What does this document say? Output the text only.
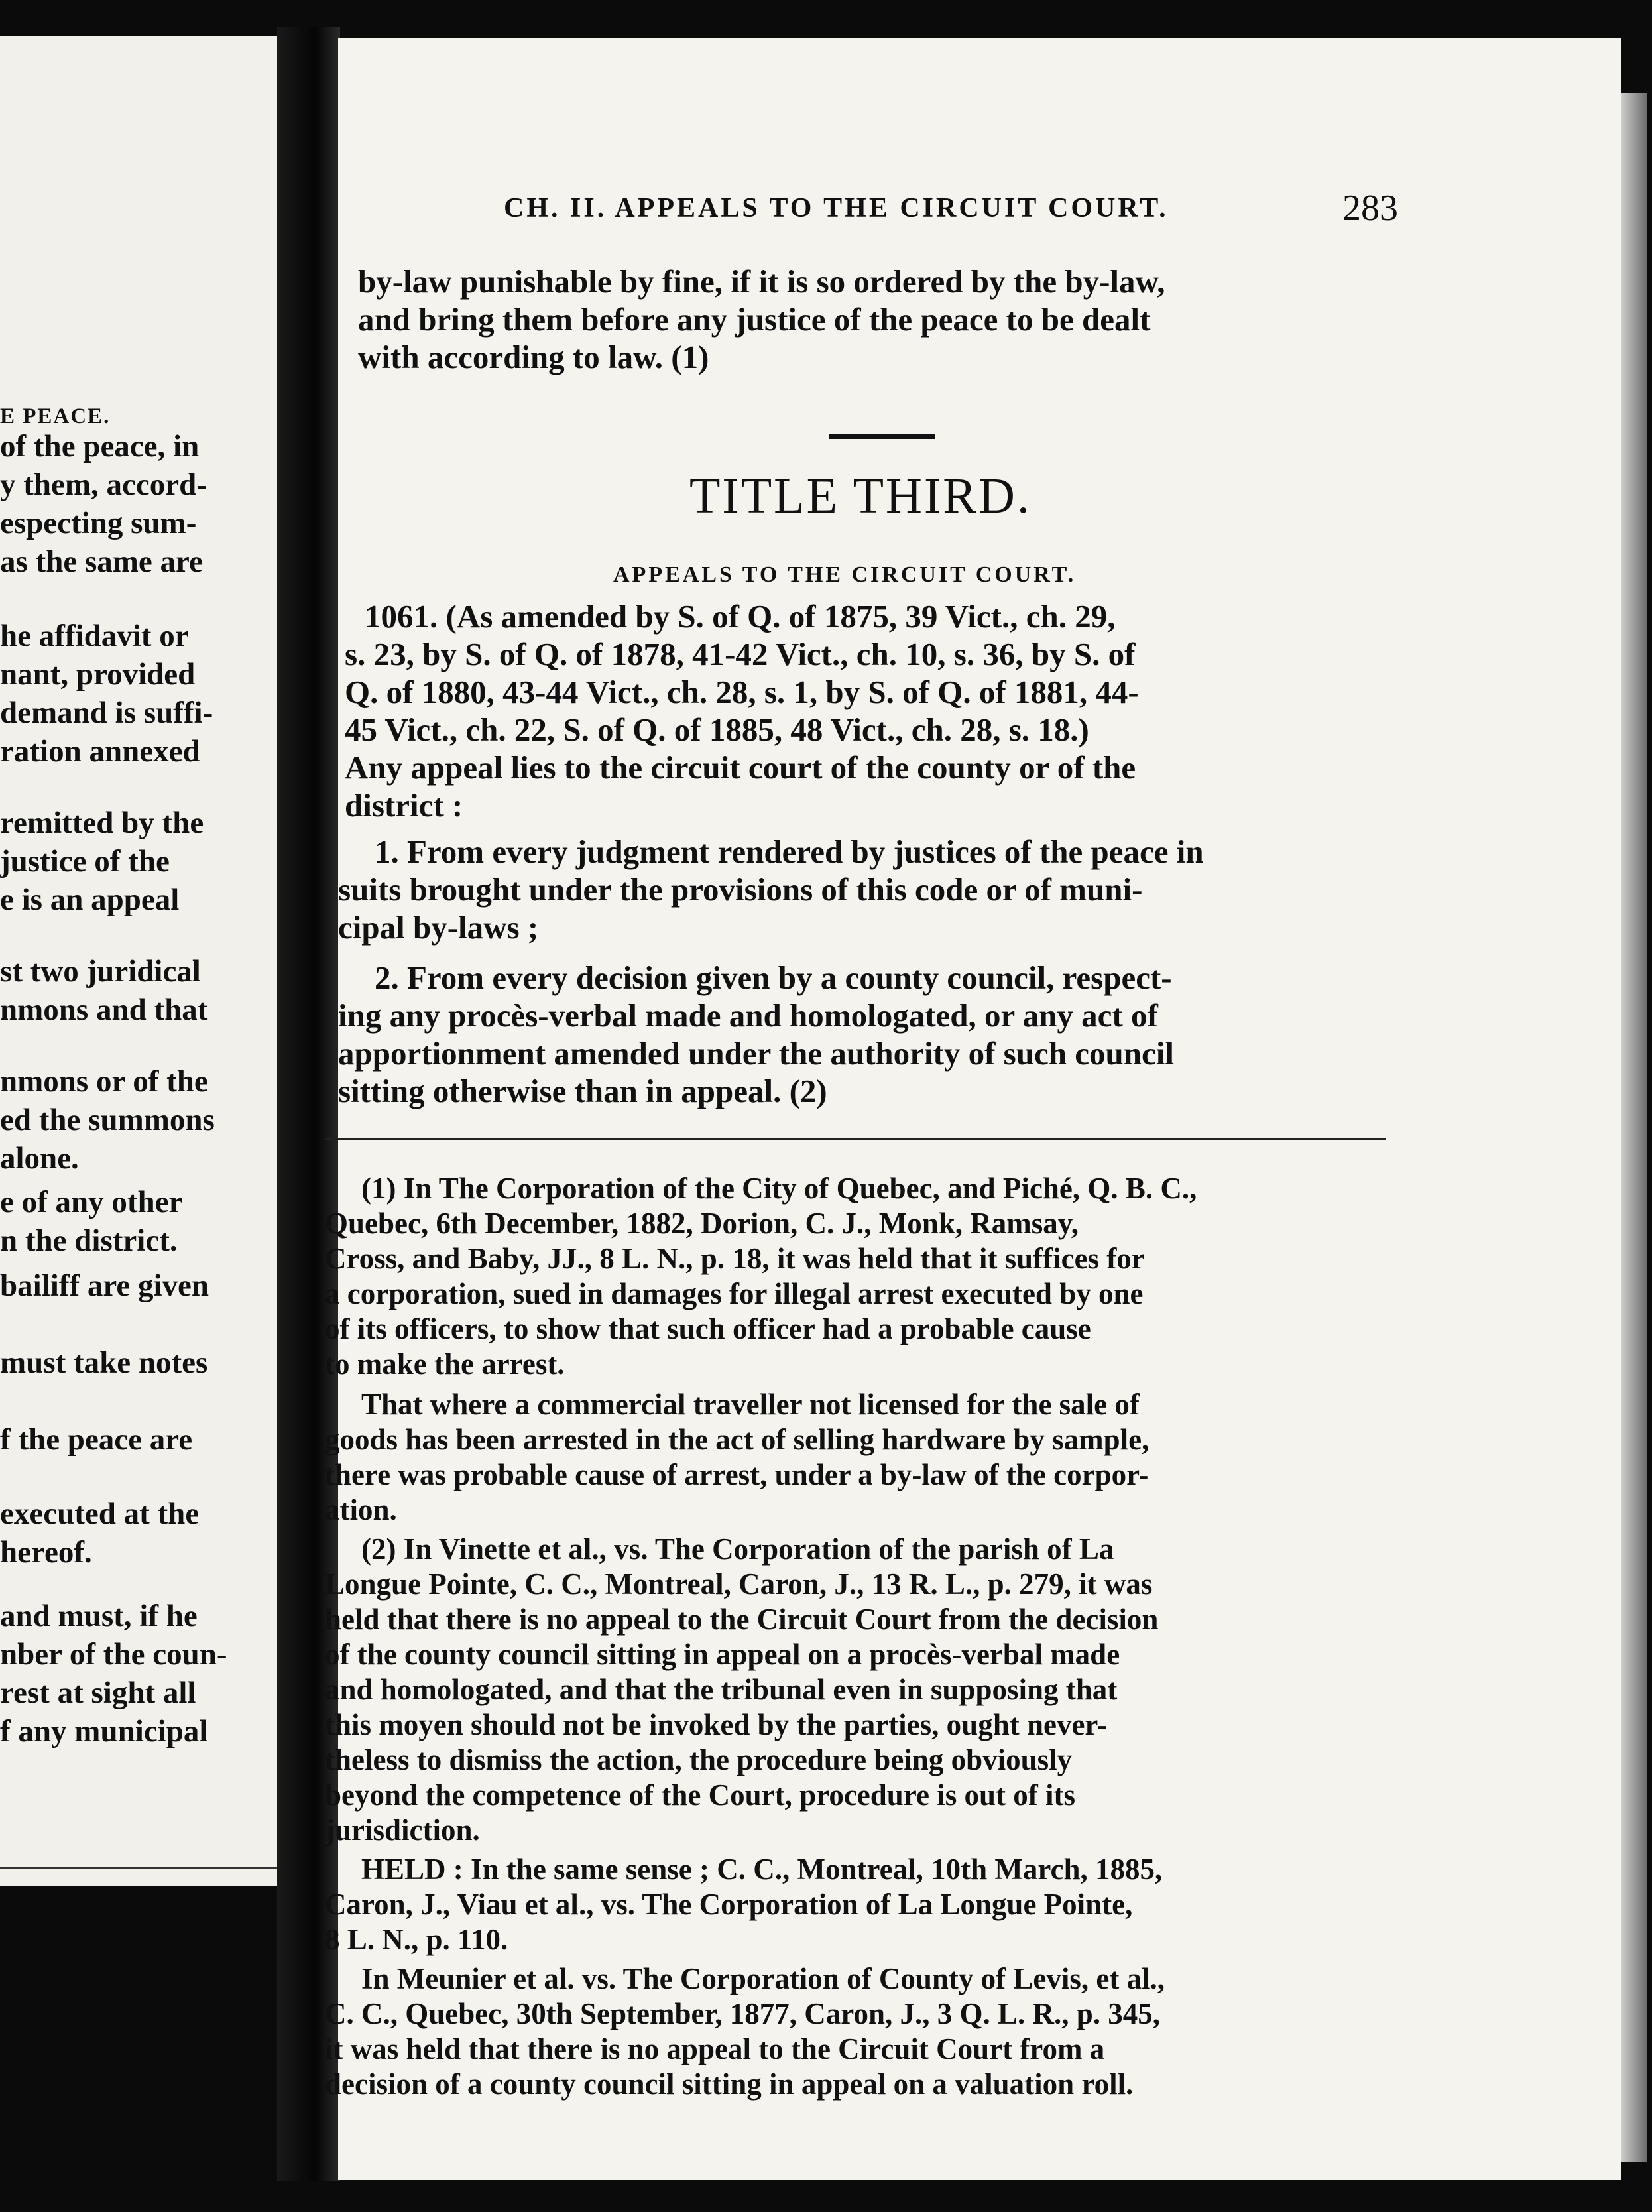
E PEACE.
of the peace, in
y them, accord-
especting sum-
as the same are
he affidavit or
nant, provided
demand is suffi-
ration annexed
remitted by the
justice of the
e is an appeal
st two juridical
nmons and that
nmons or of the
ed the summons
alone.
e of any other
n the district.
bailiff are given
must take notes
f the peace are
executed at the
hereof.
and must, if he
nber of the coun-
rest at sight all
f any municipal
CH. II. APPEALS TO THE CIRCUIT COURT.	283
by-law punishable by fine, if it is so ordered by the by-law,
and bring them before any justice of the peace to be dealt
with according to law. (1)
TITLE THIRD.
APPEALS TO THE CIRCUIT COURT.
1061. (As amended by S. of Q. of 1875, 39 Vict., ch. 29,
s. 23, by S. of Q. of 1878, 41-42 Vict., ch. 10, s. 36, by S. of
Q. of 1880, 43-44 Vict., ch. 28, s. 1, by S. of Q. of 1881, 44-
45 Vict., ch. 22, S. of Q. of 1885, 48 Vict., ch. 28, s. 18.)
Any appeal lies to the circuit court of the county or of the
district :
1. From every judgment rendered by justices of the peace in
suits brought under the provisions of this code or of muni-
cipal by-laws ;
2. From every decision given by a county council, respect-
ing any procès-verbal made and homologated, or any act of
apportionment amended under the authority of such council
sitting otherwise than in appeal. (2)
(1) In The Corporation of the City of Quebec, and Piché, Q. B. C.,
Quebec, 6th December, 1882, Dorion, C. J., Monk, Ramsay,
Cross, and Baby, JJ., 8 L. N., p. 18, it was held that it suffices for
a corporation, sued in damages for illegal arrest executed by one
of its officers, to show that such officer had a probable cause
to make the arrest.
That where a commercial traveller not licensed for the sale of
goods has been arrested in the act of selling hardware by sample,
there was probable cause of arrest, under a by-law of the corpor-
ation.
(2) In Vinette et al., vs. The Corporation of the parish of La
Longue Pointe, C. C., Montreal, Caron, J., 13 R. L., p. 279, it was
held that there is no appeal to the Circuit Court from the decision
of the county council sitting in appeal on a procès-verbal made
and homologated, and that the tribunal even in supposing that
this moyen should not be invoked by the parties, ought never-
theless to dismiss the action, the procedure being obviously
beyond the competence of the Court, procedure is out of its
jurisdiction.
HELD : In the same sense ; C. C., Montreal, 10th March, 1885,
Caron, J., Viau et al., vs. The Corporation of La Longue Pointe,
8 L. N., p. 110.
In Meunier et al. vs. The Corporation of County of Levis, et al.,
C. C., Quebec, 30th September, 1877, Caron, J., 3 Q. L. R., p. 345,
it was held that there is no appeal to the Circuit Court from a
decision of a county council sitting in appeal on a valuation roll.
